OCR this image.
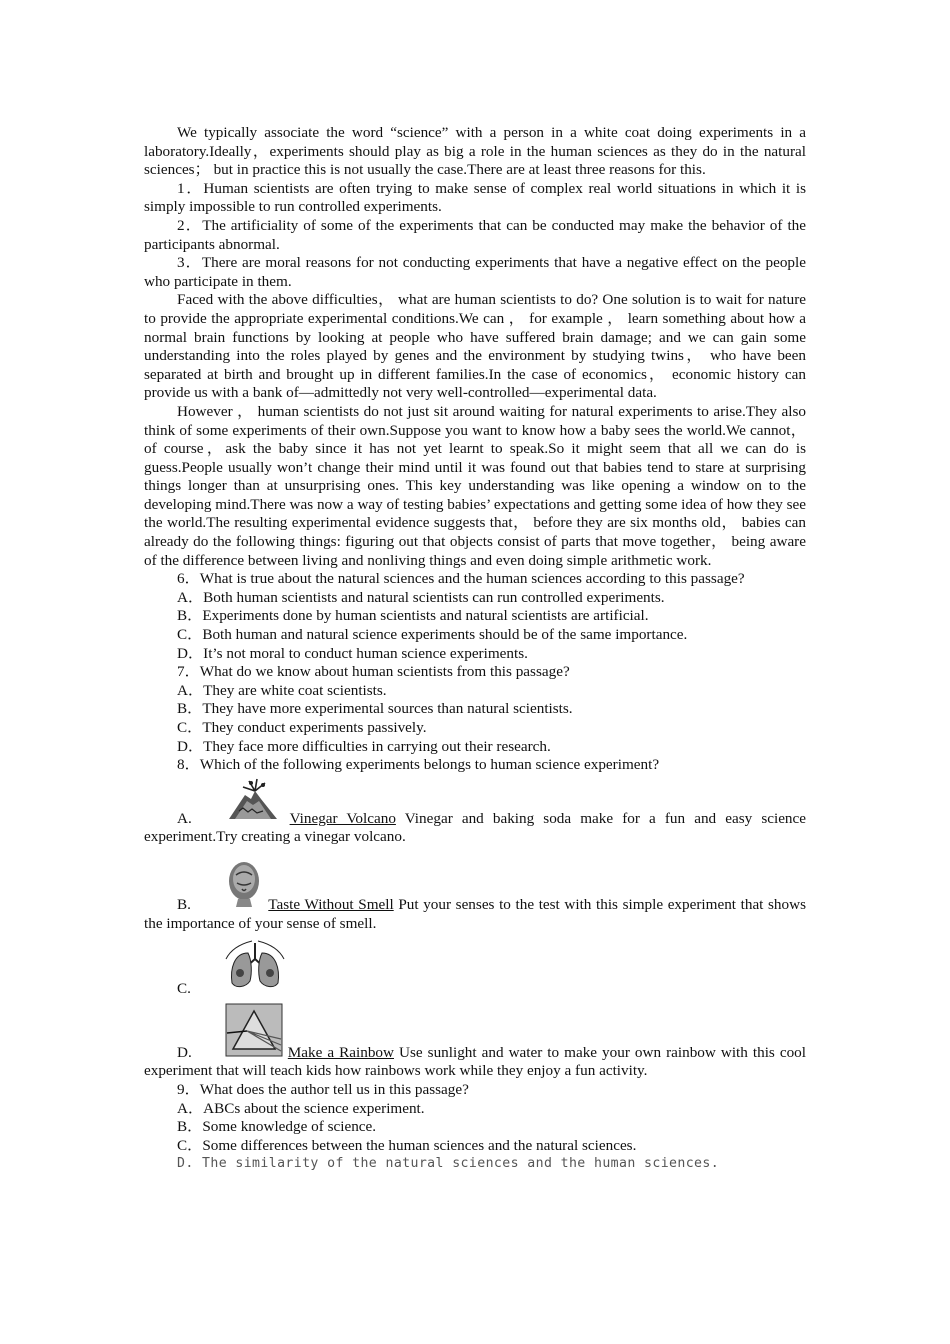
We typically associate the word “science” with a person in a white coat doing experiments in a laboratory.Ideally，experiments should play as big a role in the human sciences as they do in the natural sciences； but in practice this is not usually the case.There are at least three reasons for this.

1．Human scientists are often trying to make sense of complex real world situations in which it is simply impossible to run controlled experiments.

2．The artificiality of some of the experiments that can be conducted may make the behavior of the participants abnormal.

3．There are moral reasons for not conducting experiments that have a negative effect on the people who participate in them.

Faced with the above difficulties， what are human scientists to do? One solution is to wait for nature to provide the appropriate experimental conditions.We can ， for example ， learn something about how a normal brain functions by looking at people who have suffered brain damage; and we can gain some understanding into the roles played by genes and the environment by studying twins， who have been separated at birth and brought up in different families.In the case of economics， economic history can provide us with a bank of—admittedly not very well-controlled—experimental data.

However ， human scientists do not just sit around waiting for natural experiments to arise.They also think of some experiments of their own.Suppose you want to know how a baby sees the world.We cannot，of course，ask the baby since it has not yet learnt to speak.So it might seem that all we can do is guess.People usually won’t change their mind until it was found out that babies tend to stare at surprising things longer than at unsurprising ones. This key understanding was like opening a window on to the developing mind.There was now a way of testing babies’ expectations and getting some idea of how they see the world.The resulting experimental evidence suggests that， before they are six months old， babies can already do the following things: figuring out that objects consist of parts that move together， being aware of the difference between living and nonliving things and even doing simple arithmetic work.

6．What is true about the natural sciences and the human sciences according to this passage?

A．Both human scientists and natural scientists can run controlled experiments.

B．Experiments done by human scientists and natural scientists are artificial.

C．Both human and natural science experiments should be of the same importance.

D．It’s not moral to conduct human science experiments.

7．What do we know about human scientists from this passage?

A．They are white coat scientists.

B．They have more experimental sources than natural scientists.

C．They conduct experiments passively.

D．They face more difficulties in carrying out their research.

8．Which of the following experiments belongs to human science experiment?

A.	Vinegar Volcano Vinegar and baking soda make for a fun and easy science experiment.Try creating a vinegar volcano.

B.	Taste Without Smell Put your senses to the test with this simple experiment that shows the importance of your sense of smell.

C.

D.	Make a Rainbow Use sunlight and water to make your own rainbow with this cool experiment that will teach kids how rainbows work while they enjoy a fun activity.

9．What does the author tell us in this passage?

A．ABCs about the science experiment.

B．Some knowledge of science.

C．Some differences between the human sciences and the natural sciences.

D. The similarity of the natural sciences and the human sciences.
